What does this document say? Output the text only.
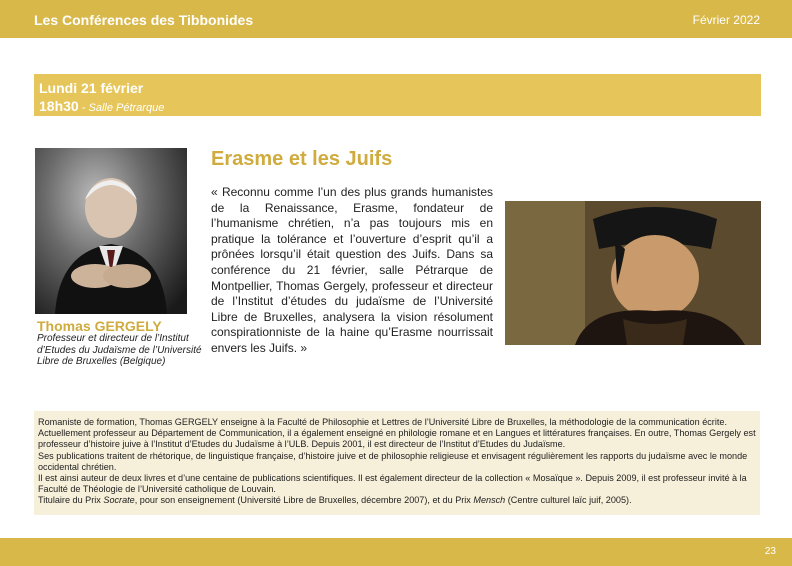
Les Conférences des Tibbonides	Février 2022
Lundi 21 février
18h30 - Salle Pétrarque
Thomas GERGELY
Professeur et directeur de l’Institut d’Etudes du Judaïsme de l’Université Libre de Bruxelles (Belgique)
Erasme et les Juifs
« Reconnu comme l’un des plus grands humanistes de la Renaissance, Erasme, fondateur de l’humanisme chrétien, n’a pas toujours mis en pratique la tolérance et l’ouverture d’esprit qu’il a prônées lorsqu’il était question des Juifs. Dans sa conférence du 21 février, salle Pétrarque de Montpellier, Thomas Gergely, professeur et directeur de l’Institut d’études du judaïsme de l’Université Libre de Bruxelles, analysera la vision résolument conspirationniste de la haine qu’Erasme nourrissait envers les Juifs. »

Romaniste de formation, Thomas GERGELY enseigne à la Faculté de Philosophie et Lettres de l’Université Libre de Bruxelles, la méthodologie de la communication écrite. Actuellement professeur au Département de Communication, il a également enseigné en philologie romane et en Langues et littératures françaises. En outre, Thomas Gergely est professeur d’histoire juive à l’Institut d’Etudes du Judaïsme à l’ULB. Depuis 2001, il est directeur de l’Institut d’Etudes du Judaïsme.

Ses publications traitent de rhétorique, de linguistique française, d’histoire juive et de philosophie religieuse et envisagent régulièrement les rapports du judaïsme avec le monde occidental chrétien.

Il est ainsi auteur de deux livres et d’une centaine de publications scientifiques. Il est également directeur de la collection « Mosaïque ». Depuis 2009, il est professeur invité à la Faculté de Théologie de l’Université catholique de Louvain.

Titulaire du Prix Socrate, pour son enseignement (Université Libre de Bruxelles, décembre 2007), et du Prix Mensch (Centre culturel laïc juif, 2005).

23
